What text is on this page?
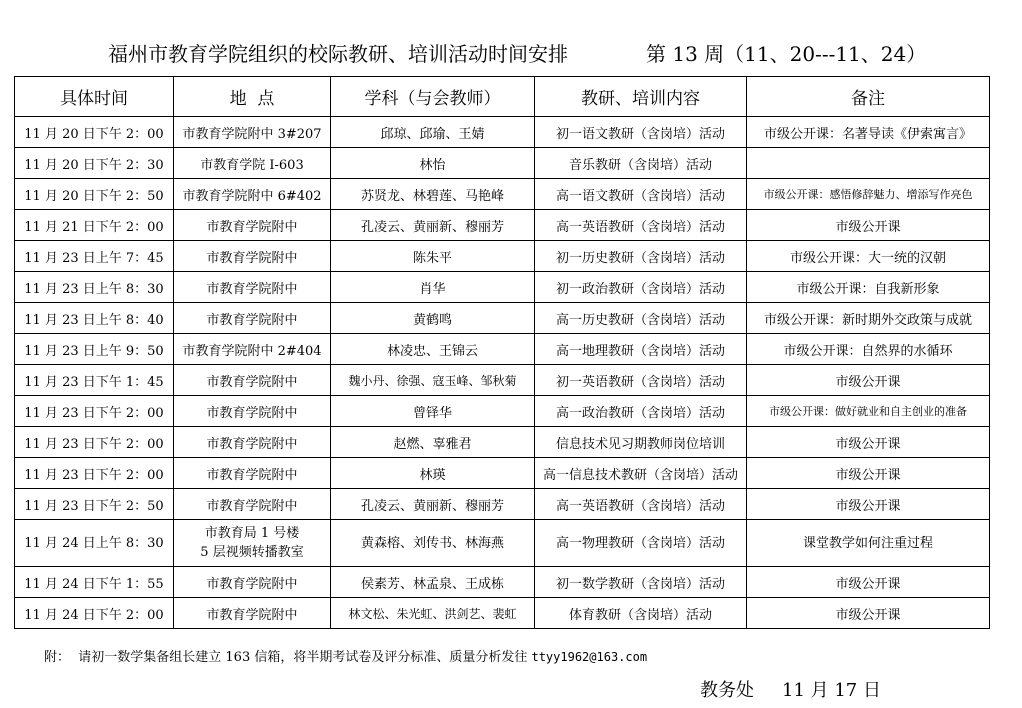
福州市教育学院组织的校际教研、培训活动时间安排	第 13 周（11、20---11、24）
具体时间	地  点	学科（与会教师）	教研、培训内容	备注
11 月 20 日下午 2：00	市教育学院附中 3#207	邱琼、邱瑜、王婧	初一语文教研（含岗培）活动	市级公开课：名著导读《伊索寓言》
11 月 20 日下午 2：30	市教育学院 I-603	林怡	音乐教研（含岗培）活动	
11 月 20 日下午 2：50	市教育学院附中 6#402	苏贤龙、林碧莲、马艳峰	高一语文教研（含岗培）活动	市级公开课：感悟修辞魅力、增添写作亮色
11 月 21 日下午 2：00	市教育学院附中	孔凌云、黄丽新、穆丽芳	高一英语教研（含岗培）活动	市级公开课
11 月 23 日上午 7：45	市教育学院附中	陈朱平	初一历史教研（含岗培）活动	市级公开课：大一统的汉朝
11 月 23 日上午 8：30	市教育学院附中	肖华	初一政治教研（含岗培）活动	市级公开课：自我新形象
11 月 23 日上午 8：40	市教育学院附中	黄鹤鸣	高一历史教研（含岗培）活动	市级公开课：新时期外交政策与成就
11 月 23 日上午 9：50	市教育学院附中 2#404	林凌忠、王锦云	高一地理教研（含岗培）活动	市级公开课：自然界的水循环
11 月 23 日下午 1：45	市教育学院附中	魏小丹、徐强、寇玉峰、邹秋菊	初一英语教研（含岗培）活动	市级公开课
11 月 23 日下午 2：00	市教育学院附中	曾铎华	高一政治教研（含岗培）活动	市级公开课：做好就业和自主创业的准备
11 月 23 日下午 2：00	市教育学院附中	赵燃、辜雅君	信息技术见习期教师岗位培训	市级公开课
11 月 23 日下午 2：00	市教育学院附中	林瑛	高一信息技术教研（含岗培）活动	市级公开课
11 月 23 日下午 2：50	市教育学院附中	孔凌云、黄丽新、穆丽芳	高一英语教研（含岗培）活动	市级公开课
11 月 24 日上午 8：30	市教育局 1 号楼
5 层视频转播教室	黄森榕、刘传书、林海燕	高一物理教研（含岗培）活动	课堂教学如何注重过程
11 月 24 日下午 1：55	市教育学院附中	侯素芳、林孟泉、王成栋	初一数学教研（含岗培）活动	市级公开课
11 月 24 日下午 2：00	市教育学院附中	林文松、朱光虹、洪剑艺、裴虹	体育教研（含岗培）活动	市级公开课
附：  请初一数学集备组长建立 163 信箱，将半期考试卷及评分标准、质量分析发往 ttyy1962@163.com
教务处 11 月 17 日
